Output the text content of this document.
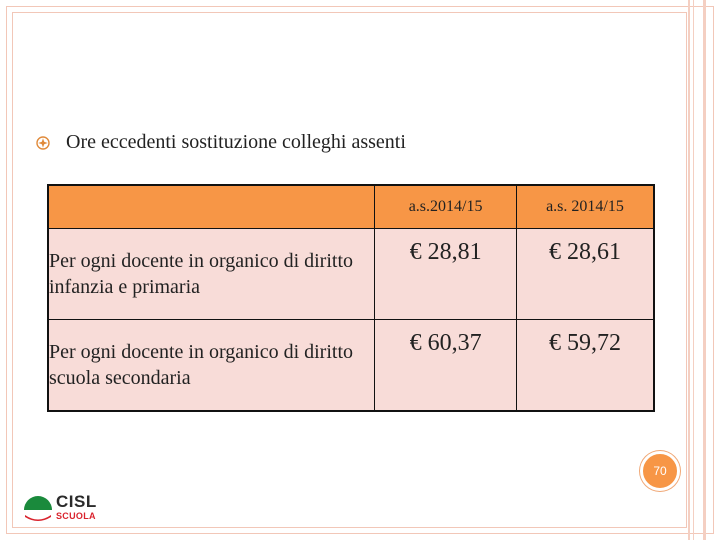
Ore eccedenti sostituzione colleghi assenti
	a.s.2014/15	a.s. 2014/15
Per ogni docente in organico di diritto infanzia e primaria	€ 28,81	€ 28,61
Per ogni docente in organico di diritto scuola secondaria	€ 60,37	€ 59,72
70
CISL
SCUOLA
